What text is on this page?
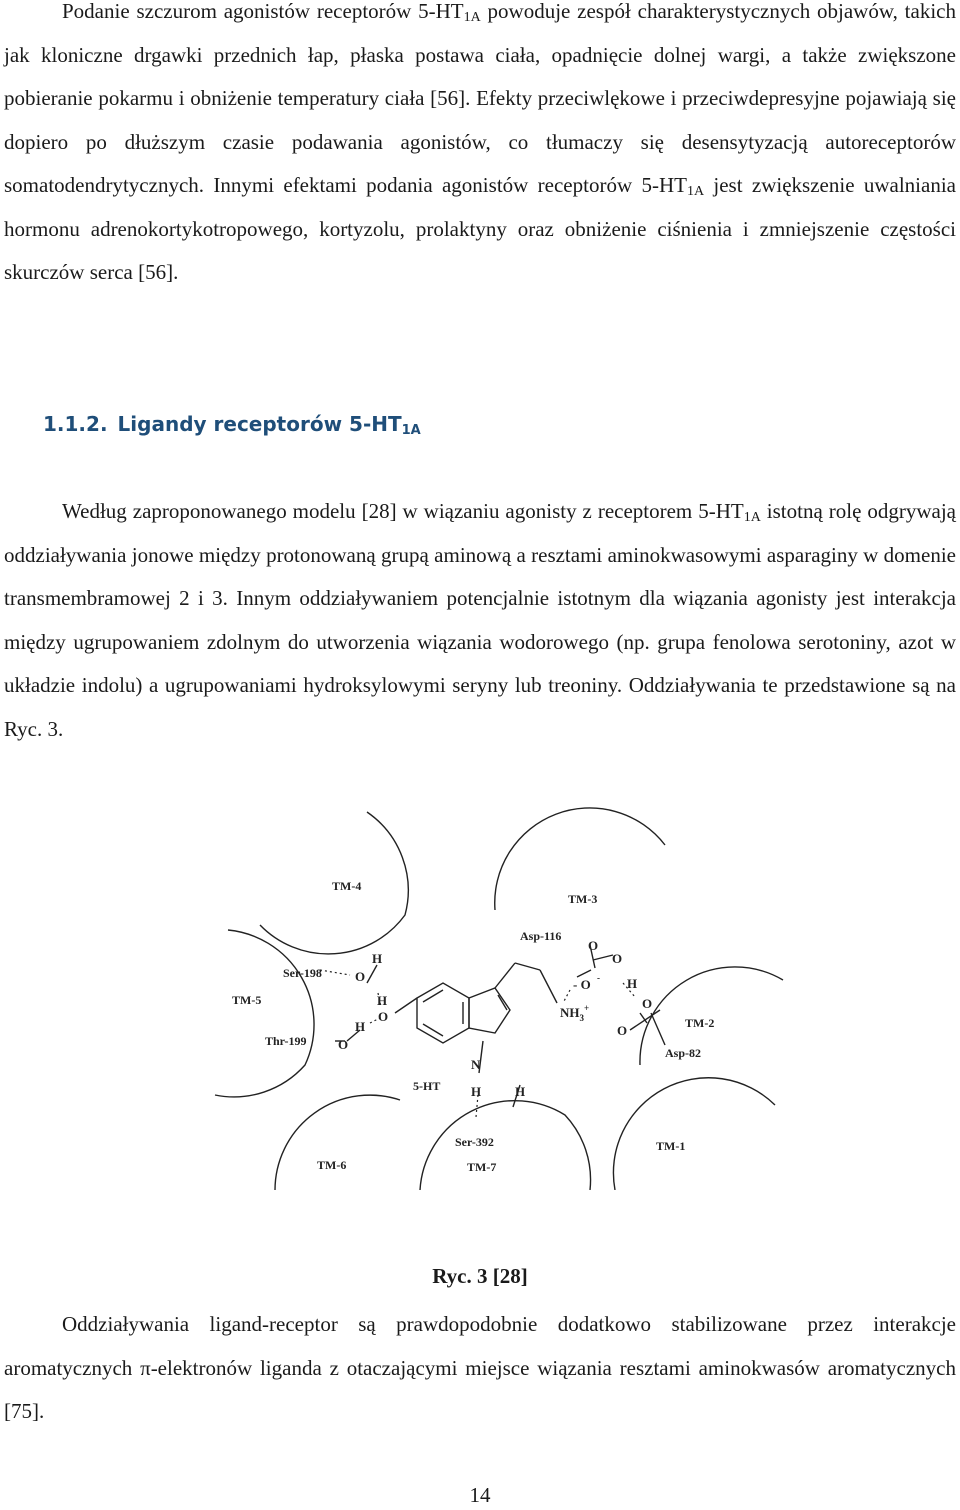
Podanie szczurom agonistów receptorów $5-HT_{1A}$ powoduje zespół charakterystycznych objawów, takich jak kloniczne drgawki przednich łap, płaska postawa ciała, opadnięcie dolnej wargi, a także zwiększone pobieranie pokarmu i obniżenie temperatury ciała [56]. Efekty przeciwlękowe i przeciwdepresyjne pojawiają się dopiero po dłuższym czasie podawania agonistów, co tłumaczy się desensytyzacją autoreceptorów somatodendrytycznych. Innymi efektami podania agonistów receptorów $5-HT_{1A}$ jest zwiększenie uwalniania hormonu adrenokortykotropowego, kortyzolu, prolaktyny oraz obniżenie ciśnienia i zmniejszenie częstości skurczów serca [56].

1.1.2. Ligandy receptorów $5-HT_{1A}$

Według zaproponowanego modelu [28] w wiązaniu agonisty z receptorem $5-HT_{1A}$ istotną rolę odgrywają oddziaływania jonowe między protonowaną grupą aminową a resztami aminokwasowymi asparaginy w domenie transmembramowej 2 i 3. Innym oddziaływaniem potencjalnie istotnym dla wiązania agonisty jest interakcja między ugrupowaniem zdolnym do utworzenia wiązania wodorowego (np. grupa fenolowa serotoniny, azot w układzie indolu) a ugrupowaniami hydroksylowymi seryny lub treoniny. Oddziaływania te przedstawione są na Ryc. 3.

TM-4
TM-3
TM-5
TM-2
TM-6	TM-7
TM-1
Asp-116
Ser-198
Thr-199
Asp-82
Ser-392
5-HT
H
O
H
O
H
O
N
H	H
O
O
- O - H
O
O
$NH_3^+$

Ryc. 3 [28]

Oddziaływania ligand-receptor są prawdopodobnie dodatkowo stabilizowane przez interakcje aromatycznych π-elektronów liganda z otaczającymi miejsce wiązania resztami aminokwasów aromatycznych [75].

14
